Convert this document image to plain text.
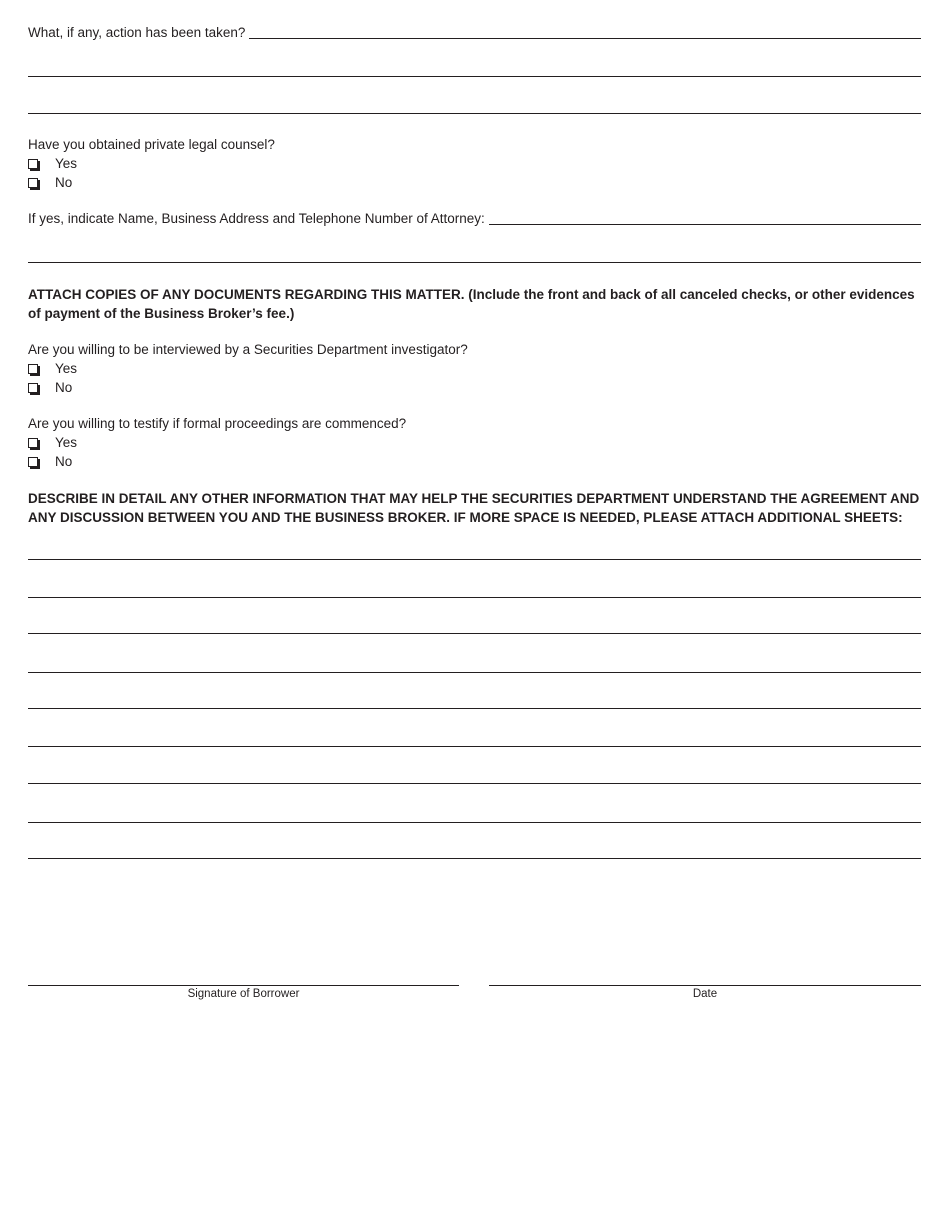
What, if any, action has been taken?
Have you obtained private legal counsel?
Yes
No
If yes, indicate Name, Business Address and Telephone Number of Attorney:
ATTACH COPIES OF ANY DOCUMENTS REGARDING THIS MATTER. (Include the front and back of all canceled checks, or other evidences of payment of the Business Broker’s fee.)
Are you willing to be interviewed by a Securities Department investigator?
Yes
No
Are you willing to testify if formal proceedings are commenced?
Yes
No
DESCRIBE IN DETAIL ANY OTHER INFORMATION THAT MAY HELP THE SECURITIES DEPARTMENT UNDERSTAND THE AGREEMENT AND ANY DISCUSSION BETWEEN YOU AND THE BUSINESS BROKER. IF MORE SPACE IS NEEDED, PLEASE ATTACH ADDITIONAL SHEETS:
Signature of Borrower	Date
